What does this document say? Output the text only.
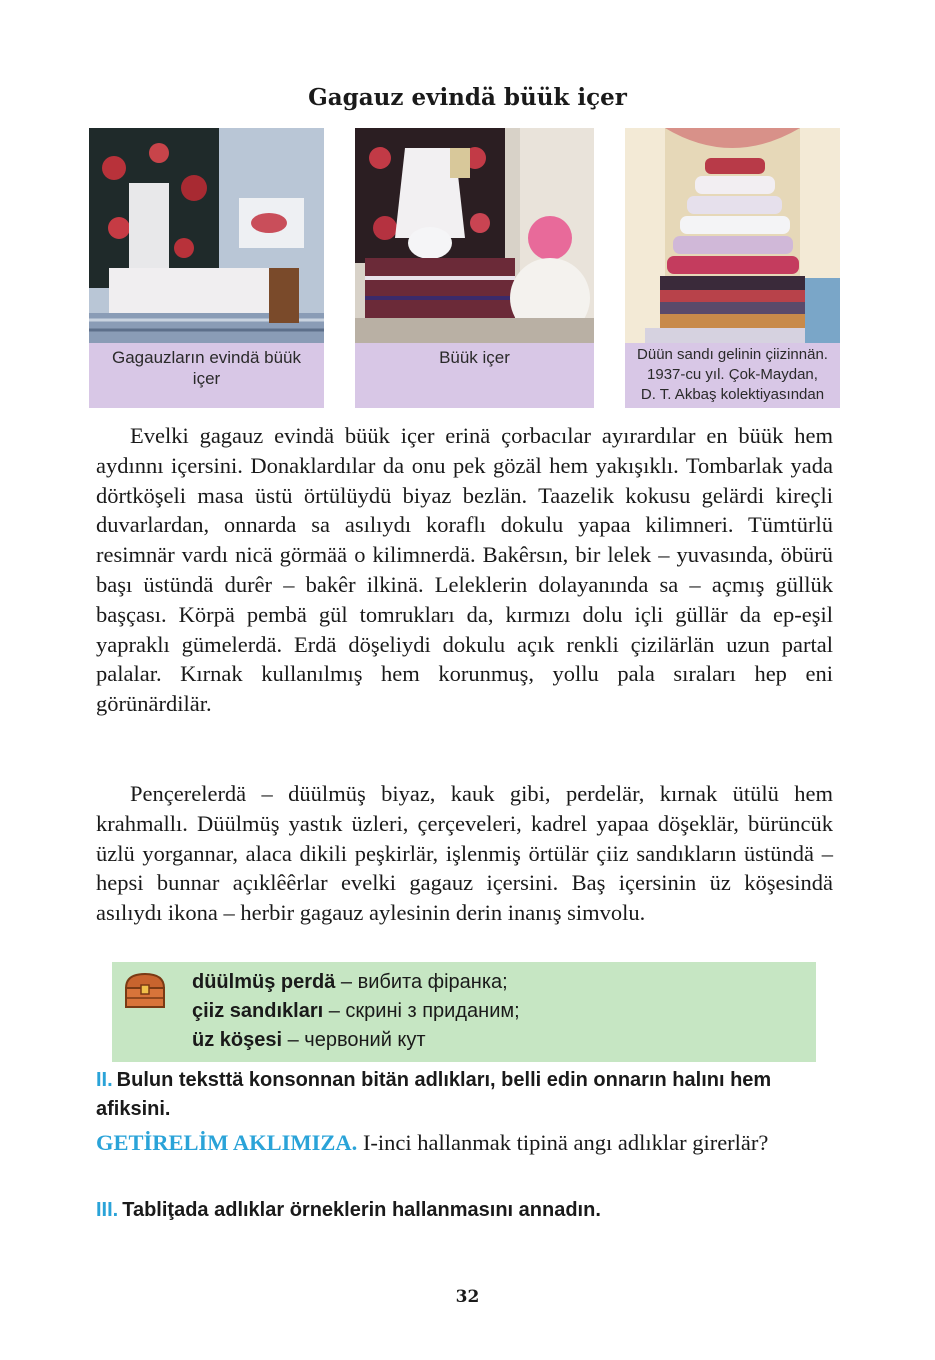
Gagauz evindä büük içer
Gagauzların evindä büük
içer
Büük içer	Düün sandı gelinin çiizinnän.
1937-cu yıl. Çok-Maydan,
D. T. Akbaş kolektiyasından

Evelki gagauz evindä büük içer erinä çorbacılar ayırardılar en büük hem aydınnı içersini. Donaklardılar da onu pek gözäl hem yakışıklı. Tombarlak yada dörtköşeli masa üstü örtülüydü biyaz bezlän. Taazelik kokusu gelärdi kireçli duvarlardan, onnarda sa asılıydı koraflı dokulu yapaa kilimneri. Tümtürlü resimnär vardı nicä görmää o kilimnerdä. Bakêrsın, bir lelek – yuvasında, öbürü başı üstündä durêr – bakêr ilkinä. Leleklerin dolayanında sa – açmış güllük başçası. Körpä pembä gül tomrukları da, kırmızı dolu içli güllär da ep-eşil yapraklı gümelerdä. Erdä döşeliydi dokulu açık renkli çizilärlän uzun partal palalar. Kırnak kullanılmış hem korunmuş, yollu pala sıraları hep eni görünärdilär.

Pençerelerdä – düülmüş biyaz, kauk gibi, perdelär, kırnak ütülü hem krahmallı. Düülmüş yastık üzleri, çerçeveleri, kadrel yapaa döşeklär, bürüncük üzlü yorgannar, alaca dikili peşkirlär, işlenmiş örtülär çiiz sandıkların üstündä – hepsi bunnar açıklêêrlar evelki gagauz içersini. Baş içersinin üz köşesindä asılıydı ikona – herbir gagauz aylesinin derin inanış simvolu.

düülmüş perdä – вибита фіранка;
çiiz sandıkları – скрині з приданим;
üz köşesi – червоний кут
II. Bulun teksttä konsonnan bitän adlıkları, belli edin onnarın halını hem afiksini.
GETİRELİM AKLIMIZA. I-inci hallanmak tipinä angı adlıklar girerlär?
III. Tabliţada adlıklar örneklerin hallanmasını annadın.
32
